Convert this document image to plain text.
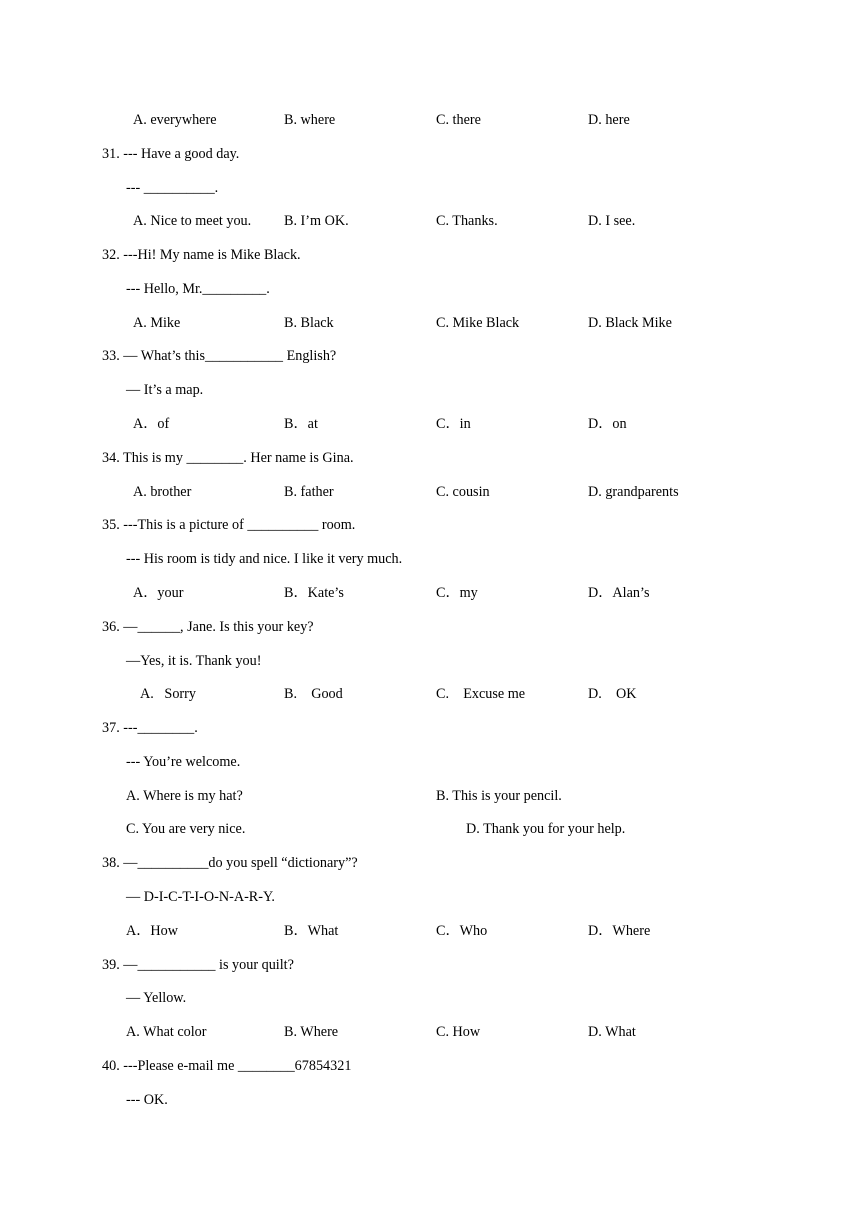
A. everywhere

	B. where

	C. there

	D. here

31. --- Have a good day.

--- __________.

A. Nice to meet you.

B. I’m OK.

	C. Thanks.

	D. I see.

32. ---Hi! My name is Mike Black.

--- Hello, Mr._________.

A. Mike

	B. Black

	C. Mike Black

	D. Black Mike

33. — What’s this___________ English?

— It’s a map.

A．of

	B．at

	C．in

	D．on

34. This is my ________. Her name is Gina.

A. brother

	B. father

	C. cousin

	D. grandparents

35. ---This is a picture of __________ room.

--- His room is tidy and nice. I like it very much.

A．your

	B．Kate’s

	C．my

	D．Alan’s

36. —______, Jane. Is this your key?

—Yes, it is. Thank you!

A.   Sorry

	B.    Good

	C.    Excuse me

	D.    OK

37. ---________.

--- You’re welcome.

A. Where is my hat?

	B. This is your pencil.

C. You are very nice.

	D. Thank you for your help.

38. —__________do you spell “dictionary”?

— D-I-C-T-I-O-N-A-R-Y.

A．How

	B．What

	C．Who

	D．Where

39. —___________ is your quilt?

— Yellow.

A. What color

	B. Where

	C. How

	D. What

40. ---Please e-mail me ________67854321

--- OK.
